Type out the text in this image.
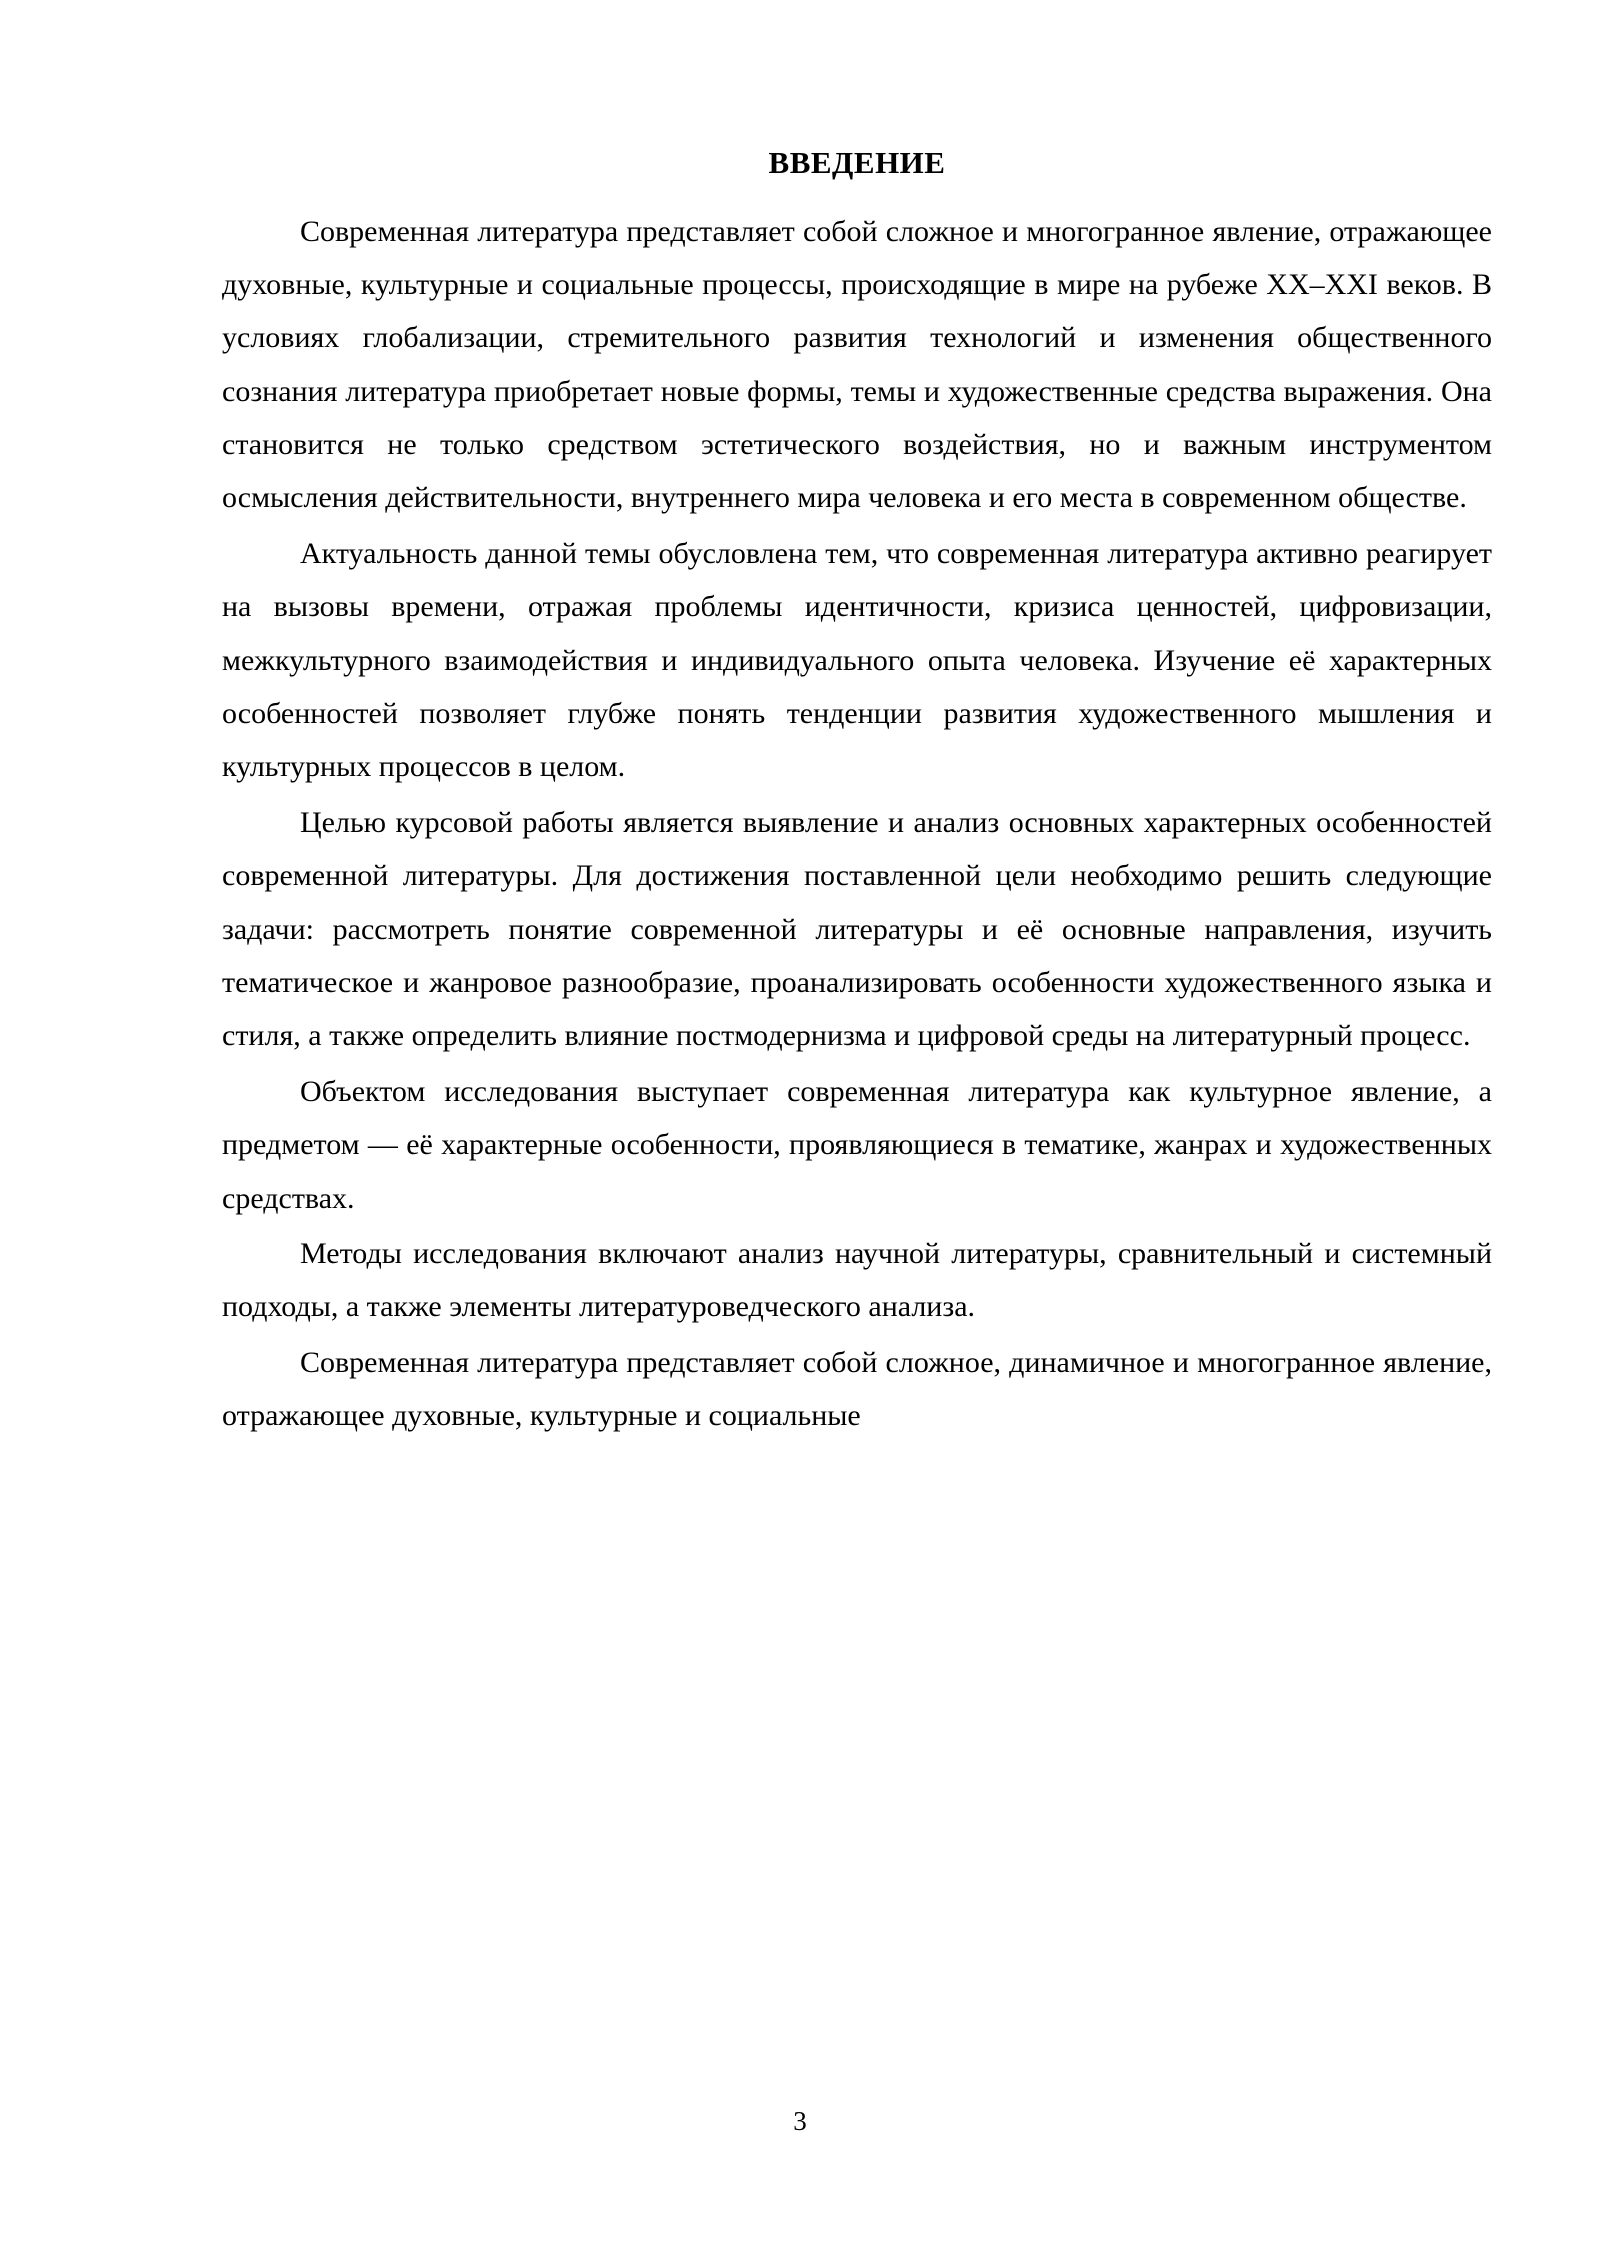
ВВЕДЕНИЕ

Современная литература представляет собой сложное и многогранное явление, отражающее духовные, культурные и социальные процессы, происходящие в мире на рубеже XX–XXI веков. В условиях глобализации, стремительного развития технологий и изменения общественного сознания литература приобретает новые формы, темы и художественные средства выражения. Она становится не только средством эстетического воздействия, но и важным инструментом осмысления действительности, внутреннего мира человека и его места в современном обществе.

Актуальность данной темы обусловлена тем, что современная литература активно реагирует на вызовы времени, отражая проблемы идентичности, кризиса ценностей, цифровизации, межкультурного взаимодействия и индивидуального опыта человека. Изучение её характерных особенностей позволяет глубже понять тенденции развития художественного мышления и культурных процессов в целом.

Целью курсовой работы является выявление и анализ основных характерных особенностей современной литературы. Для достижения поставленной цели необходимо решить следующие задачи: рассмотреть понятие современной литературы и её основные направления, изучить тематическое и жанровое разнообразие, проанализировать особенности художественного языка и стиля, а также определить влияние постмодернизма и цифровой среды на литературный процесс.

Объектом исследования выступает современная литература как культурное явление, а предметом — её характерные особенности, проявляющиеся в тематике, жанрах и художественных средствах.

Методы исследования включают анализ научной литературы, сравнительный и системный подходы, а также элементы литературоведческого анализа.

Современная литература представляет собой сложное, динамичное и многогранное явление, отражающее духовные, культурные и социальные

3
